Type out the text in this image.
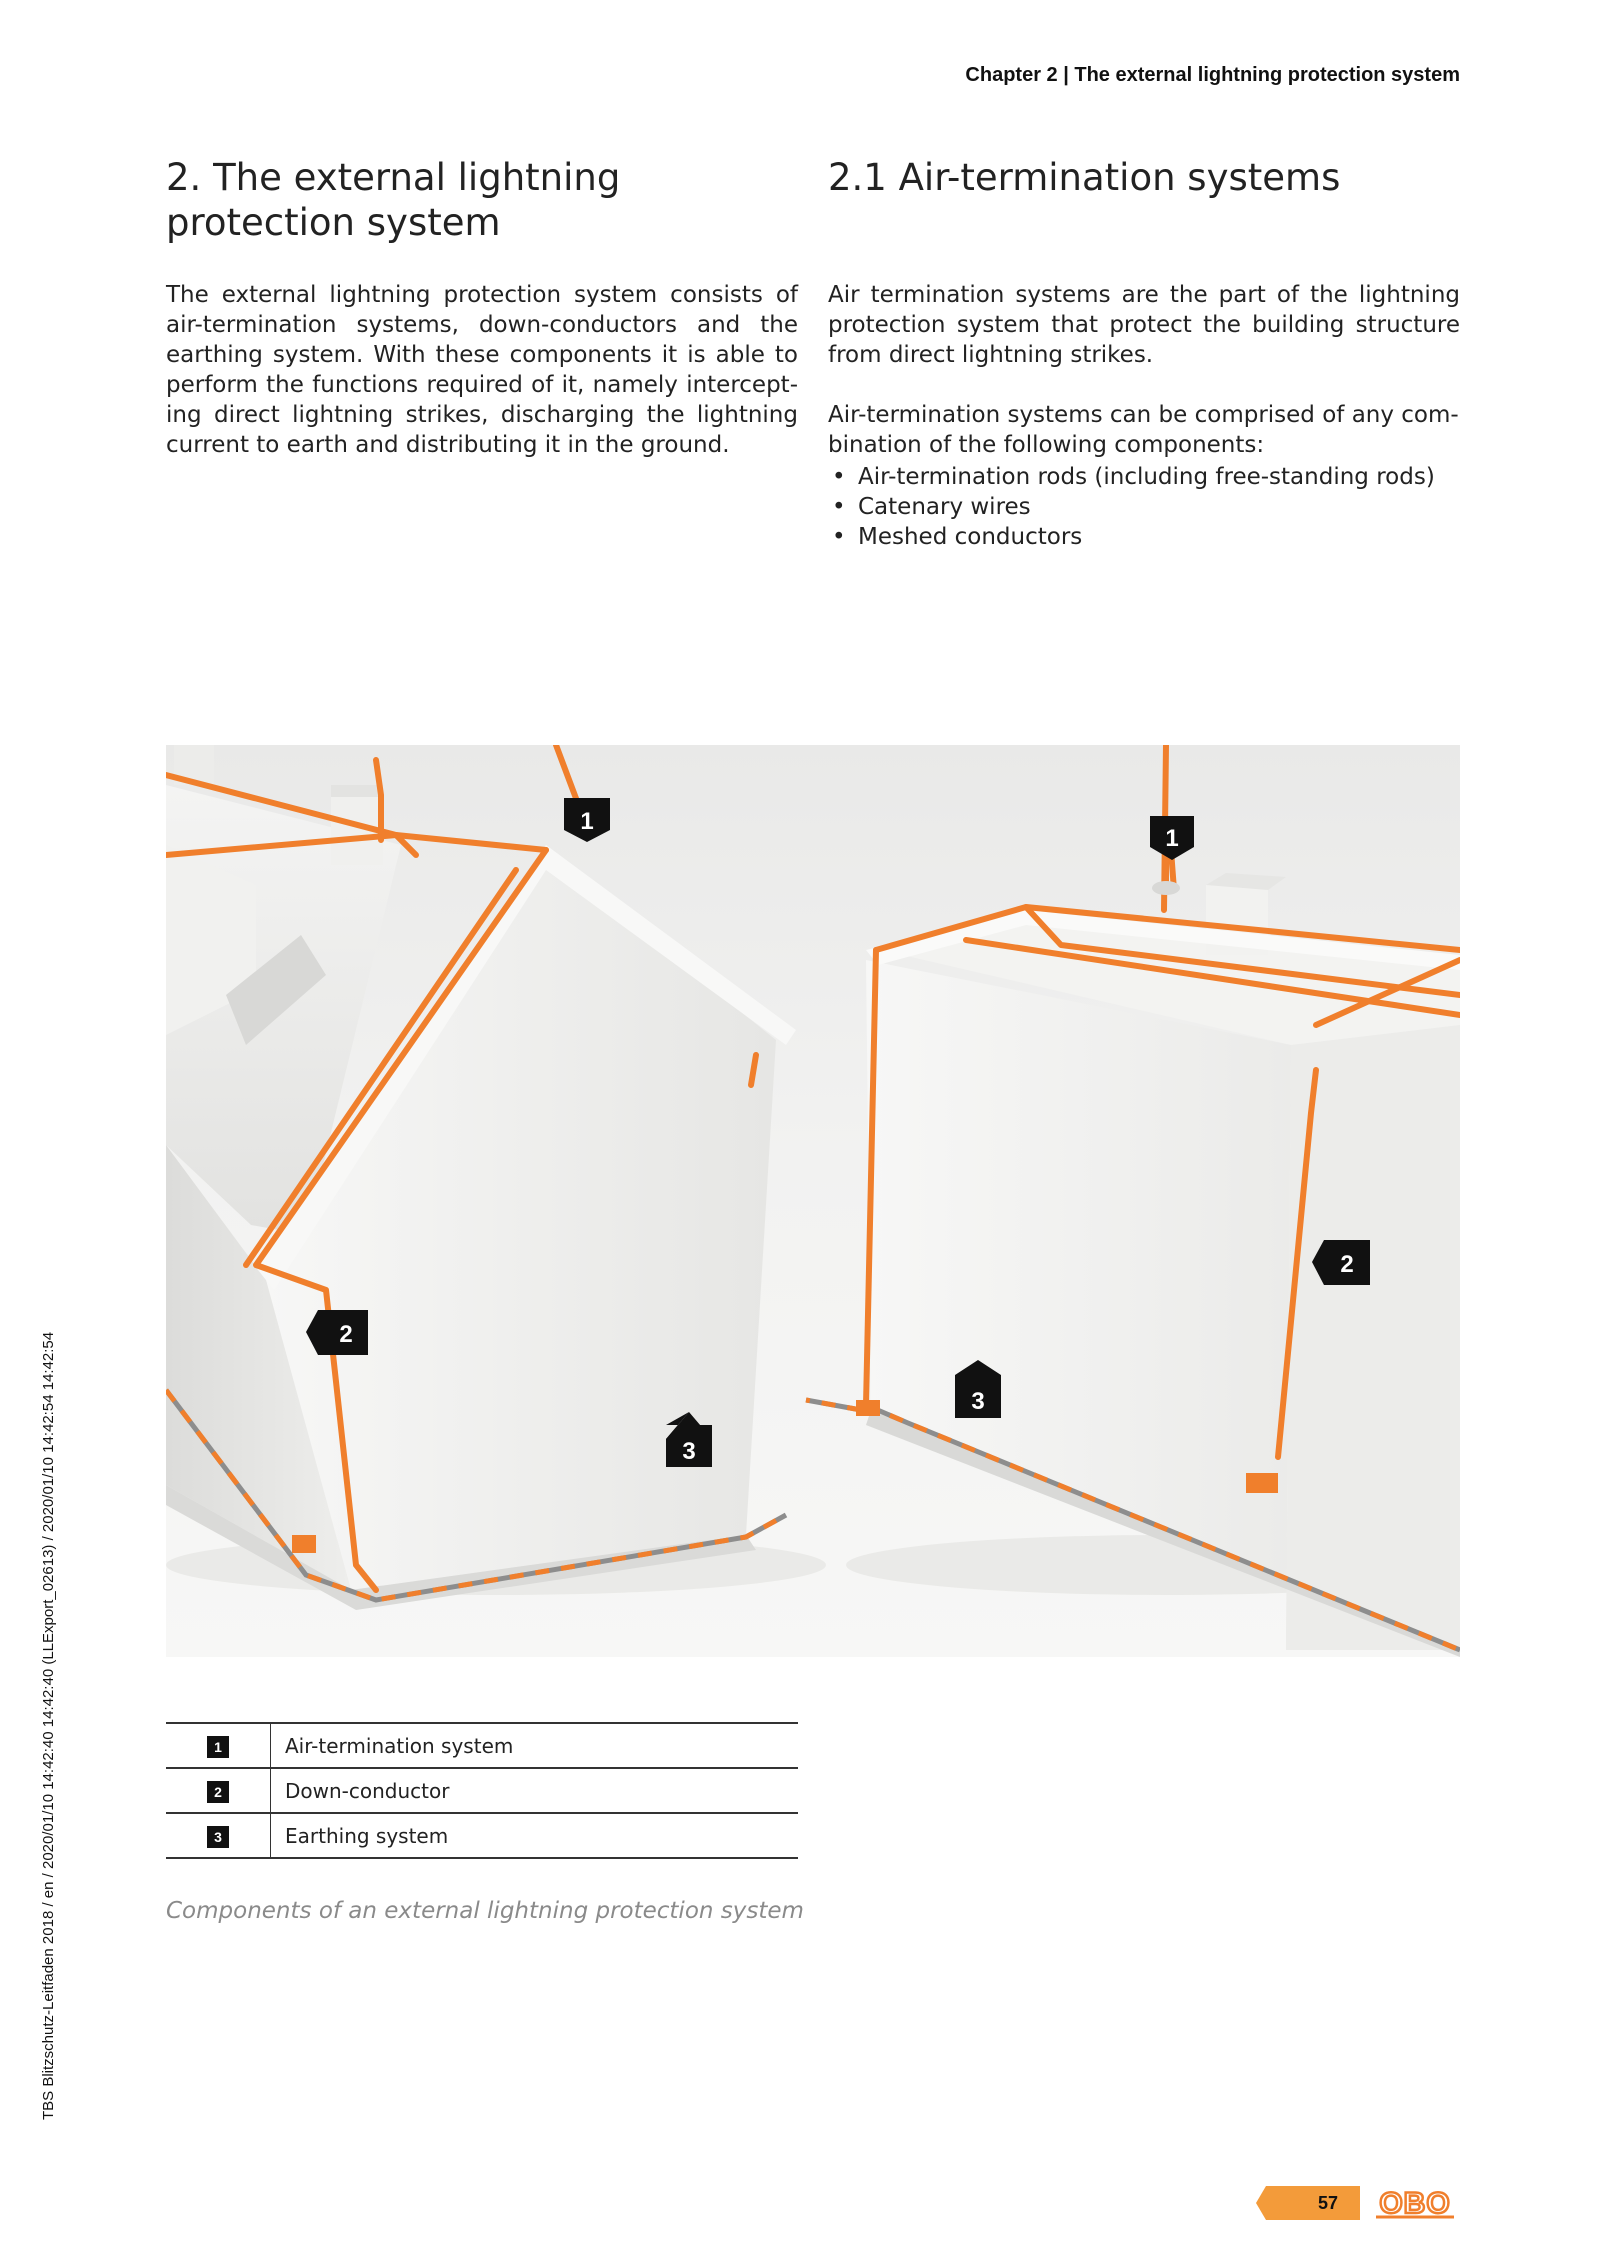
Chapter 2 | The external lightning protection system
TBS Blitzschutz-Leitfaden 2018 / en / 2020/01/10 14:42:40 14:42:40 (LLExport_02613) / 2020/01/10 14:42:54 14:42:54
2. The external lightning protection system
2.1 Air-termination systems

The external lightning protection system consists of air-termination systems, down-conductors and the earthing system. With these components it is able to perform the functions required of it, namely intercept-ing direct lightning strikes, discharging the lightning current to earth and distributing it in the ground.

Air termination systems are the part of the lightning protection system that protect the building structure from direct lightning strikes.

Air-termination systems can be comprised of any com-bination of the following components:

• Air-termination rods (including free-standing rods)
• Catenary wires
• Meshed conductors
1
1
2
2
3
3
1	Air-termination system
2	Down-conductor
3	Earthing system
Components of an external lightning protection system
57 OBO
